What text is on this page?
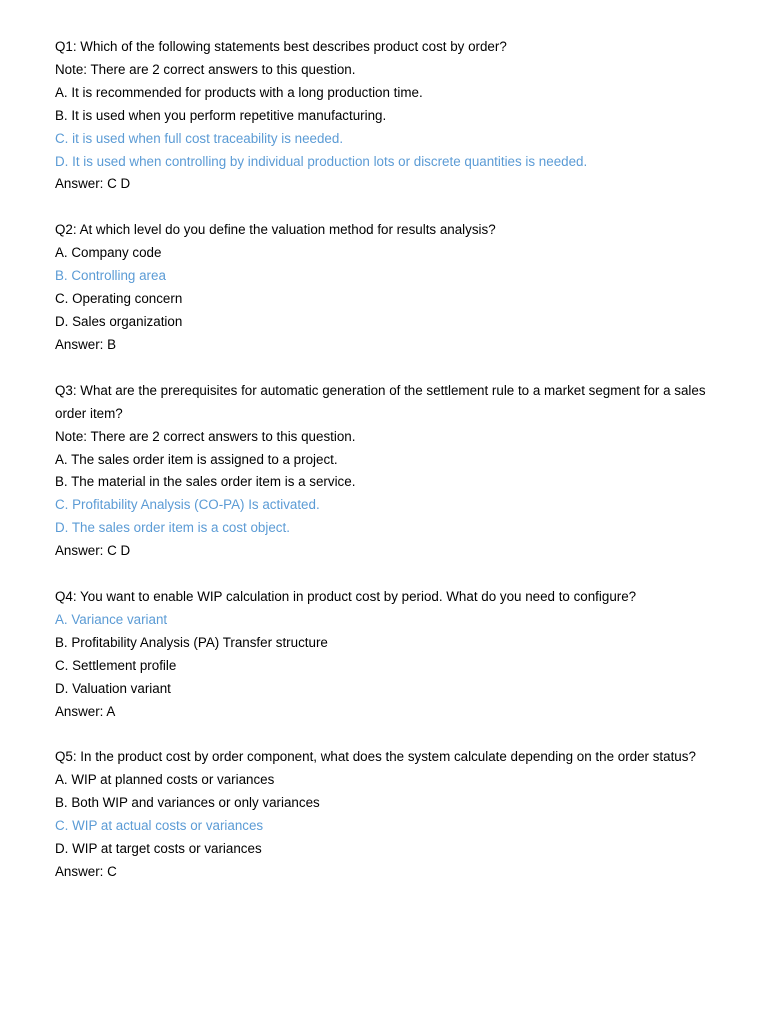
Q1: Which of the following statements best describes product cost by order?

Note: There are 2 correct answers to this question.

A. It is recommended for products with a long production time.

B. It is used when you perform repetitive manufacturing.

C. it is used when full cost traceability is needed.

D. It is used when controlling by individual production lots or discrete quantities is needed.

Answer: C D

Q2: At which level do you define the valuation method for results analysis?

A. Company code

B. Controlling area

C. Operating concern

D. Sales organization

Answer: B

Q3: What are the prerequisites for automatic generation of the settlement rule to a market segment for a sales order item?

Note: There are 2 correct answers to this question.

A. The sales order item is assigned to a project.

B. The material in the sales order item is a service.

C. Profitability Analysis (CO-PA) Is activated.

D. The sales order item is a cost object.

Answer: C D

Q4: You want to enable WIP calculation in product cost by period. What do you need to configure?

A. Variance variant

B. Profitability Analysis (PA) Transfer structure

C. Settlement profile

D. Valuation variant

Answer: A

Q5: In the product cost by order component, what does the system calculate depending on the order status?

A. WIP at planned costs or variances

B. Both WIP and variances or only variances

C. WIP at actual costs or variances

D. WIP at target costs or variances

Answer: C
